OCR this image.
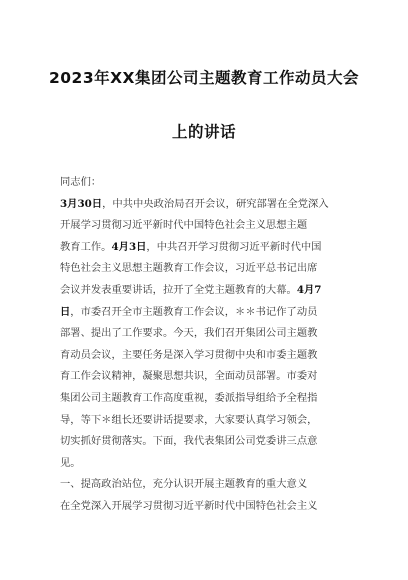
2023年XX集团公司主题教育工作动员大会
上的讲话
同志们：
3月30日，中共中央政治局召开会议，研究部署在全党深入
开展学习贯彻习近平新时代中国特色社会主义思想主题
教育工作。4月3日，中共召开学习贯彻习近平新时代中国
特色社会主义思想主题教育工作会议，习近平总书记出席
会议并发表重要讲话，拉开了全党主题教育的大幕。4月7
日，市委召开全市主题教育工作会议，＊＊书记作了动员
部署、提出了工作要求。今天，我们召开集团公司主题教
育动员会议，主要任务是深入学习贯彻中央和市委主题教
育工作会议精神，凝聚思想共识，全面动员部署。市委对
集团公司主题教育工作高度重视，委派指导组给予全程指
导，等下＊组长还要讲话提要求，大家要认真学习领会，
切实抓好贯彻落实。下面，我代表集团公司党委讲三点意
见。
一、提高政治站位，充分认识开展主题教育的重大意义
在全党深入开展学习贯彻习近平新时代中国特色社会主义
